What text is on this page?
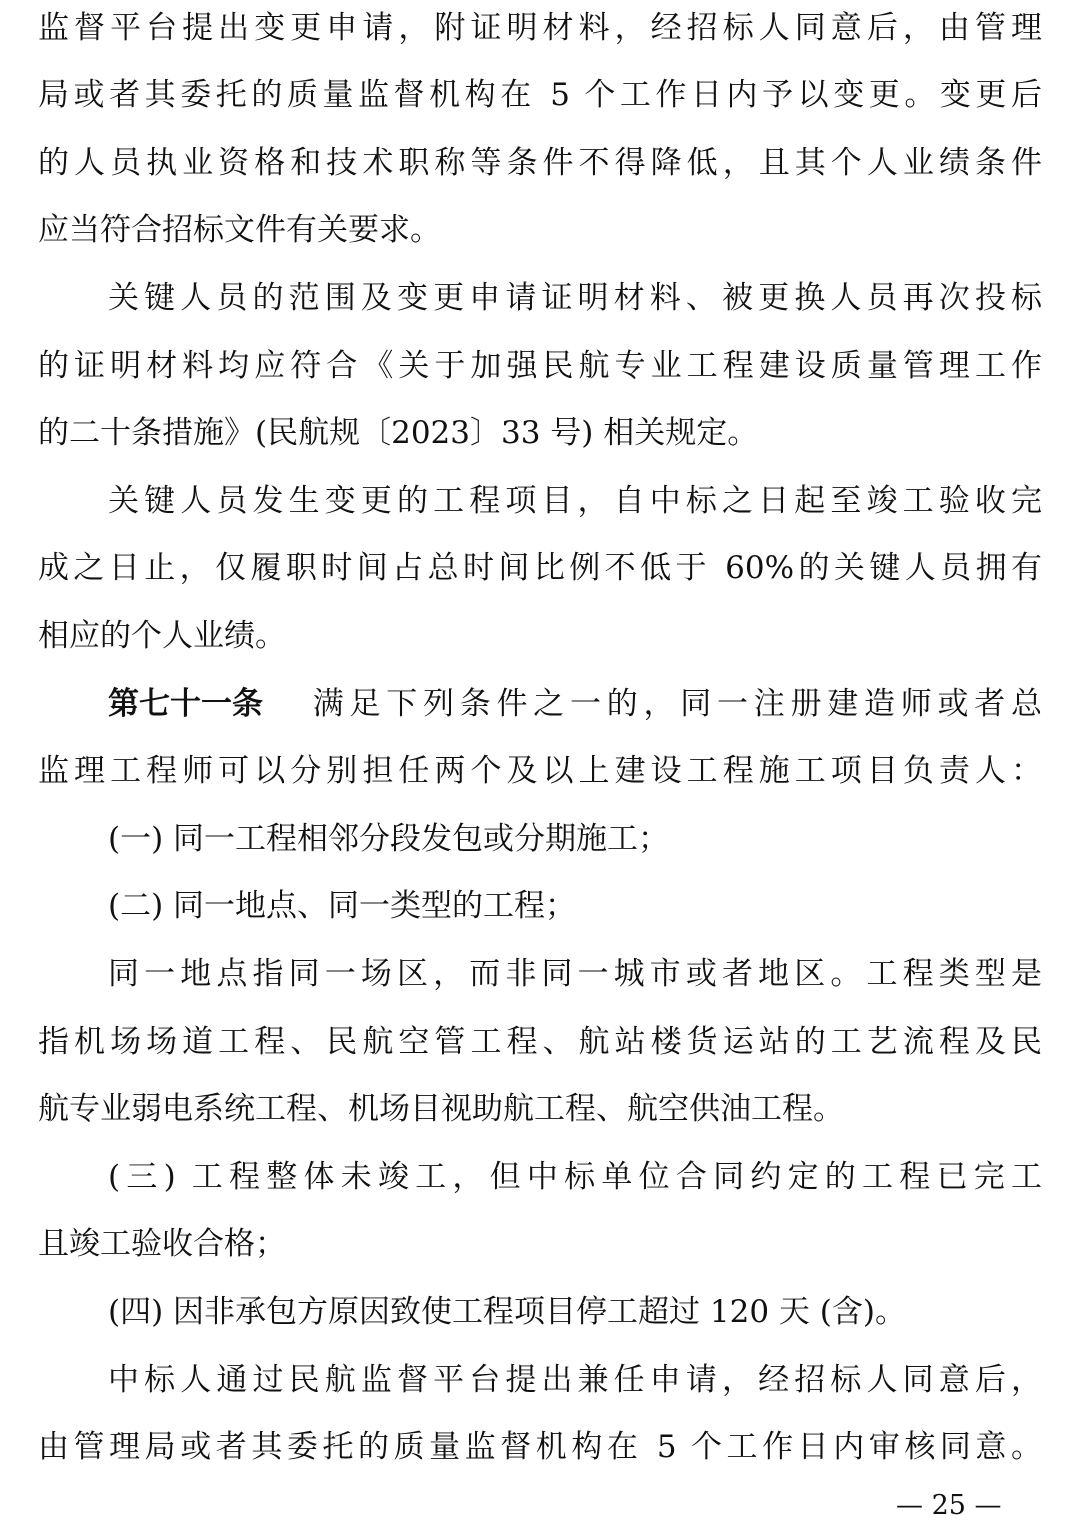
监督平台提出变更申请，附证明材料，经招标人同意后，由管理
局或者其委托的质量监督机构在 5 个工作日内予以变更。变更后
的人员执业资格和技术职称等条件不得降低，且其个人业绩条件
应当符合招标文件有关要求。
关键人员的范围及变更申请证明材料、被更换人员再次投标
的证明材料均应符合《关于加强民航专业工程建设质量管理工作
的二十条措施》(民航规〔2023〕33 号) 相关规定。
关键人员发生变更的工程项目，自中标之日起至竣工验收完
成之日止，仅履职时间占总时间比例不低于 60%的关键人员拥有
相应的个人业绩。
第七十一条 满足下列条件之一的，同一注册建造师或者总
监理工程师可以分别担任两个及以上建设工程施工项目负责人：
(一) 同一工程相邻分段发包或分期施工；
(二) 同一地点、同一类型的工程；
同一地点指同一场区，而非同一城市或者地区。工程类型是
指机场场道工程、民航空管工程、航站楼货运站的工艺流程及民
航专业弱电系统工程、机场目视助航工程、航空供油工程。
(三) 工程整体未竣工，但中标单位合同约定的工程已完工
且竣工验收合格；
(四) 因非承包方原因致使工程项目停工超过 120 天 (含)。
中标人通过民航监督平台提出兼任申请，经招标人同意后，
由管理局或者其委托的质量监督机构在 5 个工作日内审核同意。
— 25 —
